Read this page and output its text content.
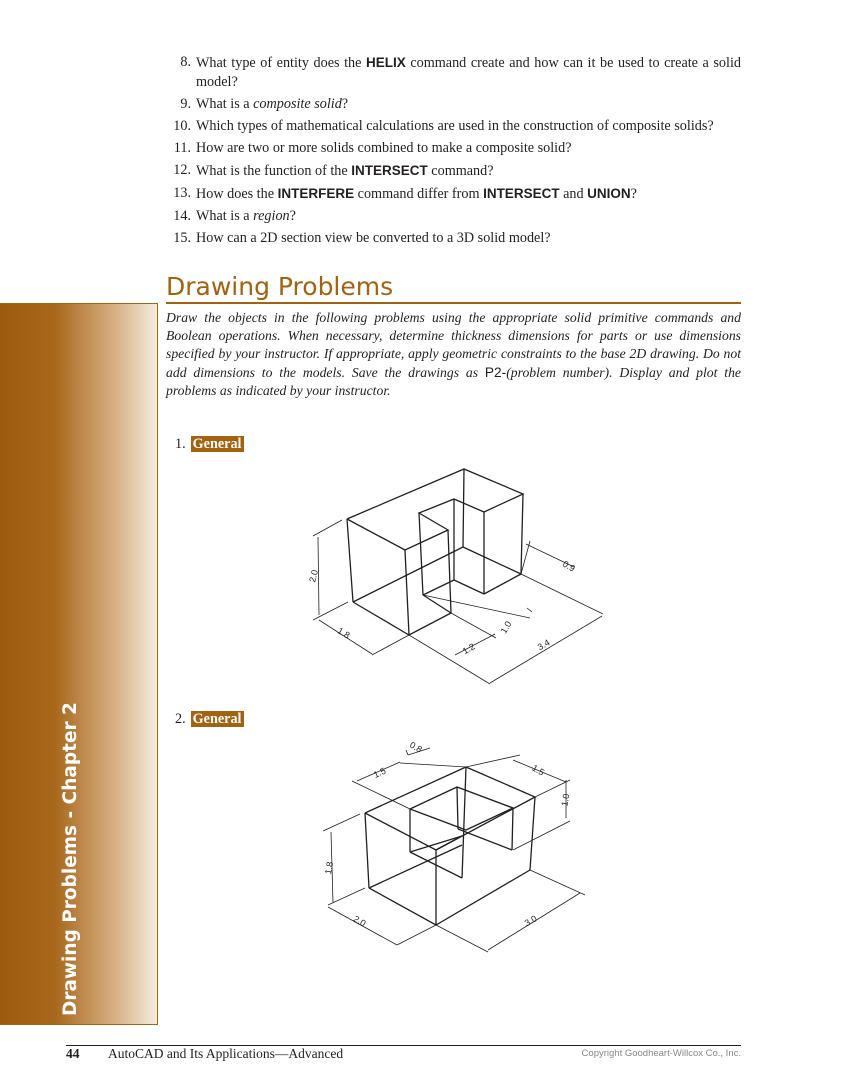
Drawing Problems - Chapter 2
8. What type of entity does the HELIX command create and how can it be used to create a solid model?
9. What is a composite solid?
10. Which types of mathematical calculations are used in the construction of composite solids?
11. How are two or more solids combined to make a composite solid?
12. What is the function of the INTERSECT command?
13. How does the INTERFERE command differ from INTERSECT and UNION?
14. What is a region?
15. How can a 2D section view be converted to a 3D solid model?
Drawing Problems
Draw the objects in the following problems using the appropriate solid primitive commands and Boolean operations. When necessary, determine thickness dimensions for parts or use dimensions specified by your instructor. If appropriate, apply geometric constraints to the base 2D drawing. Do not add dimensions to the models. Save the drawings as P2-(problem number). Display and plot the problems as indicated by your instructor.
1. General
2. General
2.0
1.8
1.2
1.0
3.4
0.9
1.8
2.0	3.0
1.5
0.8
1.5
1.0
44 AutoCAD and Its Applications—Advanced	Copyright Goodheart-Willcox Co., Inc.
